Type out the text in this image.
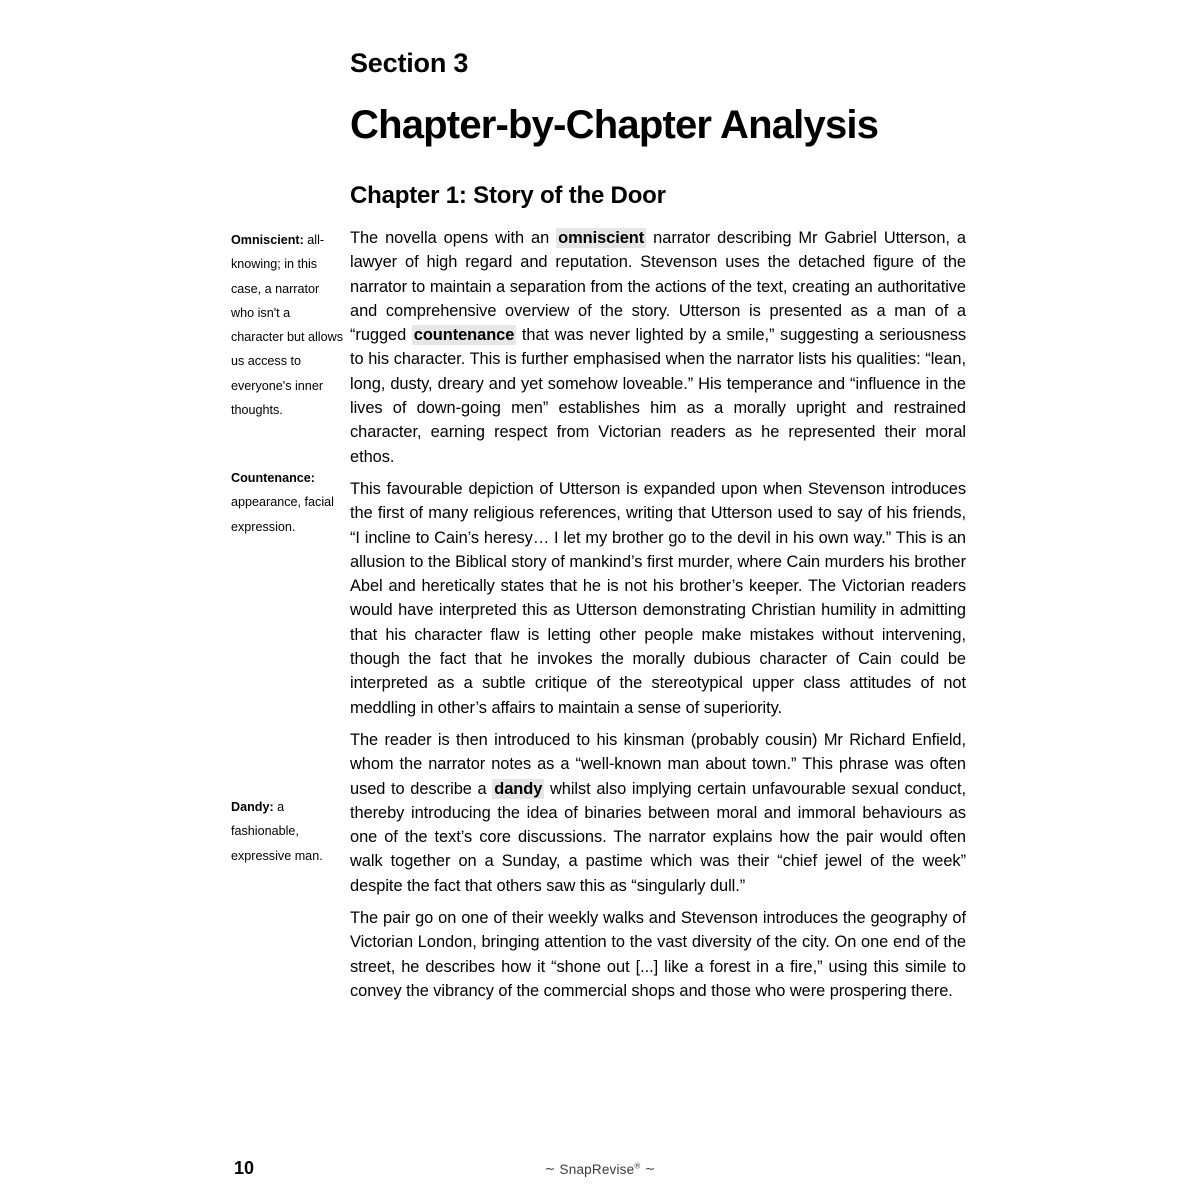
Section 3
Chapter-by-Chapter Analysis
Chapter 1: Story of the Door
Omniscient: all-knowing; in this case, a narrator who isn't a character but allows us access to everyone's inner thoughts.
Countenance: appearance, facial expression.
Dandy: a fashionable, expressive man.

The novella opens with an omniscient narrator describing Mr Gabriel Utterson, a lawyer of high regard and reputation. Stevenson uses the detached figure of the narrator to maintain a separation from the actions of the text, creating an authoritative and comprehensive overview of the story. Utterson is presented as a man of a “rugged countenance that was never lighted by a smile,” suggesting a seriousness to his character. This is further emphasised when the narrator lists his qualities: “lean, long, dusty, dreary and yet somehow loveable.” His temperance and “influence in the lives of down-going men” establishes him as a morally upright and restrained character, earning respect from Victorian readers as he represented their moral ethos.

This favourable depiction of Utterson is expanded upon when Stevenson introduces the first of many religious references, writing that Utterson used to say of his friends, “I incline to Cain’s heresy… I let my brother go to the devil in his own way.” This is an allusion to the Biblical story of mankind’s first murder, where Cain murders his brother Abel and heretically states that he is not his brother’s keeper. The Victorian readers would have interpreted this as Utterson demonstrating Christian humility in admitting that his character flaw is letting other people make mistakes without intervening, though the fact that he invokes the morally dubious character of Cain could be interpreted as a subtle critique of the stereotypical upper class attitudes of not meddling in other’s affairs to maintain a sense of superiority.

The reader is then introduced to his kinsman (probably cousin) Mr Richard Enfield, whom the narrator notes as a “well-known man about town.” This phrase was often used to describe a dandy whilst also implying certain unfavourable sexual conduct, thereby introducing the idea of binaries between moral and immoral behaviours as one of the text’s core discussions. The narrator explains how the pair would often walk together on a Sunday, a pastime which was their “chief jewel of the week” despite the fact that others saw this as “singularly dull.”

The pair go on one of their weekly walks and Stevenson introduces the geography of Victorian London, bringing attention to the vast diversity of the city. On one end of the street, he describes how it “shone out [...] like a forest in a fire,” using this simile to convey the vibrancy of the commercial shops and those who were prospering there.

10	∼ SnapRevise® ∼
